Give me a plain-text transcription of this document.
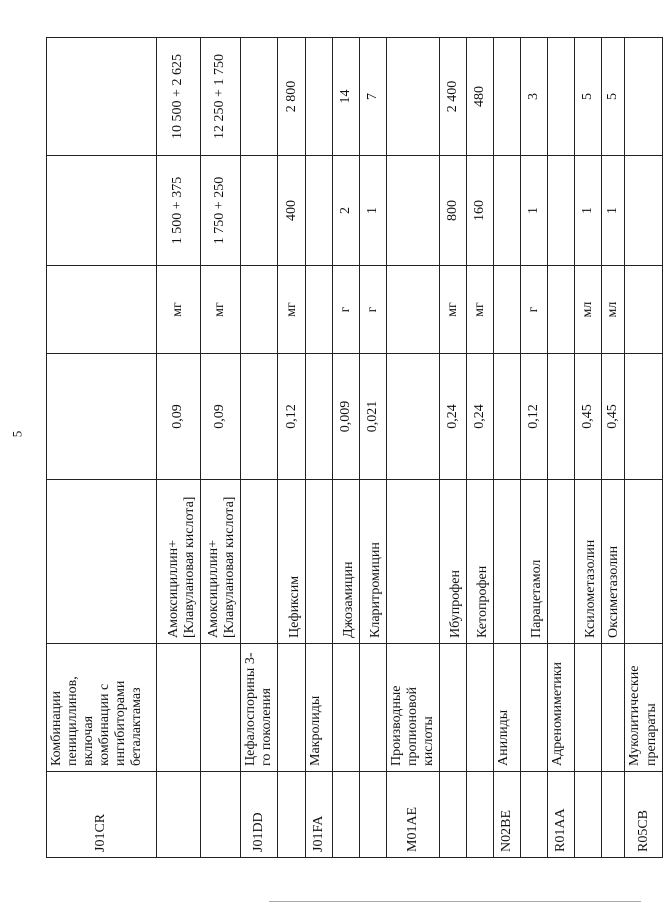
5
J01CR	Комбинации пенициллинов, включая комбинации с ингибиторами беталактамаз					
		Амоксициллин+ [Клавулановая кислота]	0,09	мг	1 500 + 375	10 500 + 2 625
		Амоксициллин+ [Клавулановая кислота]	0,09	мг	1 750 + 250	12 250 + 1 750
J01DD	Цефалоспорины 3-го поколения					
		Цефиксим	0,12	мг	400	2 800
J01FA	Макролиды					
		Джозамицин	0,009	г	2	14
		Кларитромицин	0,021	г	1	7
M01AE	Производные пропионовой кислоты					
		Ибупрофен	0,24	мг	800	2 400
		Кетопрофен	0,24	мг	160	480
N02BE	Анилиды					
		Парацетамол	0,12	г	1	3
R01AA	Адреномиметики					
		Ксилометазолин	0,45	мл	1	5
		Оксиметазолин	0,45	мл	1	5
R05CB	Муколитические препараты					
